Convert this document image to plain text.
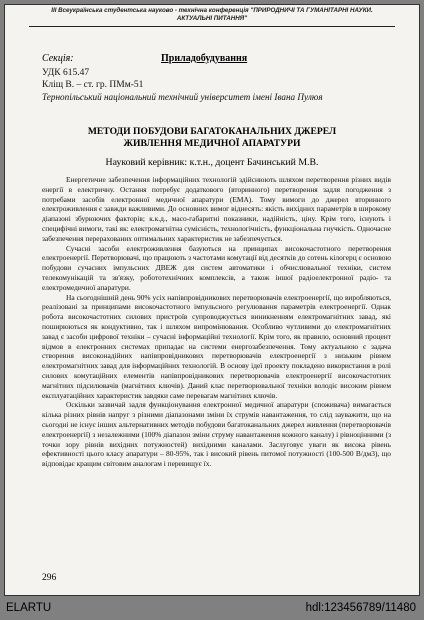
III Всеукраїнська студентська науково - технічна конференція "ПРИРОДНИЧІ ТА ГУМАНІТАРНІ НАУКИ.
АКТУАЛЬНІ ПИТАННЯ"
Секція:	Приладобудування
УДК 615.47
Кліщ В. – ст. гр. ПМм-51
Тернопільський національний технічний університет імені Івана Пулюя
МЕТОДИ ПОБУДОВИ БАГАТОКАНАЛЬНИХ ДЖЕРЕЛ
ЖИВЛЕННЯ МЕДИЧНОЇ АПАРАТУРИ
Науковий керівник: к.т.н., доцент Бачинський М.В.

Енергетичне забезпечення інформаційних технологій здійснюють шляхом перетворення різних видів енергії в електричну. Остання потребує додаткового (вторинного) перетворення задля погодження з потребами засобів електронної медичної апаратури (ЕМА). Тому вимоги до джерел вторинного електроживлення є завжди важливими. До основних вимог віднесять: якість вихідних параметрів в широкому діапазоні збурюючих факторів; к.к.д., масо-габаритні показники, надійність, ціну. Крім того, існують і специфічні вимоги, такі як: електромагнітна сумісність, технологічність, функціональна гнучкість. Одночасне забезпечення перерахованих оптимальних характеристик не забезпечується.

Сучасні засоби електроживлення базуються на принципах високочастотного перетворення електроенергії. Перетворювачі, що працюють з частотами комутації від десятків до сотень кілогерц є основою побудови сучасних імпульсних ДВЕЖ для систем автоматики і обчислювальної техніки, систем телекомунікацій та зв'язку, робототехнічних комплексів, а також іншої радіоелектронної радіо- та електромедичної апаратури.

На сьогоднішній день 90% усіх напівпровідникових перетворювачів електроенергії, що виробляються, реалізовані за принципами високочастотного імпульсного регулювання параметрів електроенергії. Однак робота високочастотних силових пристроїв супроводжується виникненням електромагнітних завад, які поширюються як кондуктивно, так і шляхом випромінювання. Особливо чутливими до електромагнітних завад є засоби цифрової техніки – сучасні інформаційні технології. Крім того, як правило, основний процент відмов в електронних системах припадає на системи енергозабезпечення. Тому актуальною є задача створення високонадійних напівпровідникових перетворювачів електроенергії з низьким рівнем електромагнітних завад для інформаційних технологій. В основу ідеї проекту покладено використання в ролі силових комутаційних елементів напівпровідникових перетворювачів електроенергії високочастотних магнітних підсилювачів (магнітних ключів). Даний клас перетворювальної техніки володіє високим рівнем експлуатаційних характеристик завдяки саме перевагам магнітних ключів.

Оскільки зазвичай задля функціонування електронної медичної апаратури (споживача) вимагається кілька різних рівнів напруг з різними діапазонами зміни їх струмів навантаження, то слід зауважити, що на сьогодні не існує інших альтернативних методів побудови багатоканальних джерел живлення (перетворювачів електроенергії) з незалежними (100% діапазон зміни струму навантаження кожного каналу) і рівноцінними (з точки зору рівнів вихідних потужностей) вихідними каналами. Заслуговує уваги як висока рівень ефективності цього класу апаратури – 80-95%, так і високий рівень питомої потужності (100-500 В/дм3), що відповідає кращим світовим аналогам і перевищує їх.

296
ELARTU	hdl:123456789/11480
